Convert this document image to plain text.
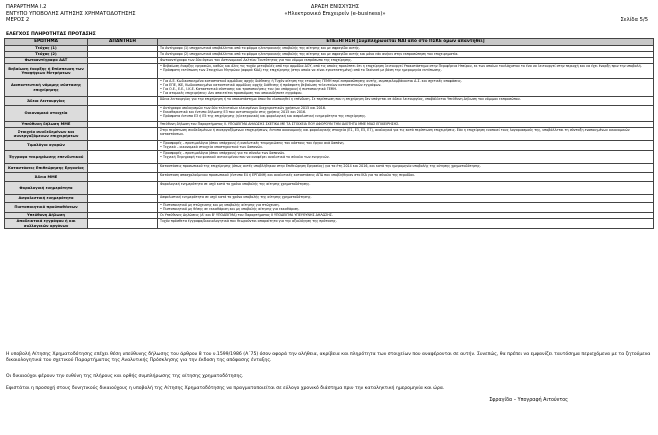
ΠΑΡΑΡΤΗΜΑ Ι.2
ΕΝΤΥΠΟ ΥΠΟΒΟΛΗΣ ΑΙΤΗΣΗΣ ΧΡΗΜΑΤΟΔΟΤΗΣΗΣ
ΜΕΡΟΣ 2
ΔΡΑΣΗ ΕΝΙΣΧΥΣΗΣ
«Ηλεκτρονικό Επιχειρείν (e-business)»
Σελίδα 5/5
ΕΛΕΓΧΟΣ ΠΛΗΡΟΤΗΤΑΣ ΠΡΟΤΑΣΗΣ
ΕΡΩΤΗΜΑ	ΑΠΑΝΤΗΣΗ	ΕΠΕΞΗΓΗΣΗ [Συμπληρώνεται ΝΑΙ από στο ΠΣΚΕ όμων απαντηθεί]
Τεύχος (1)		Το Αντίγραφο (1) υποχρεωτικά υποβάλλεται από το φόρμα ηλεκτρονικής υποβολής της αίτησης και με σφραγίδα αυτής.
Τεύχος (2)		Το Αντίγραφο (2) υποχρεωτικά υποβάλλεται από το φόρμα ηλεκτρονικής υποβολής της αίτησης και με σφραγίδα αυτής και μόνο εάν ανήκει στην εκπροσώπηση του επιχειρηματία.
Φωτοαντίγραφο ΑΔΤ		Φωτοαντίγραφο των δύο όψεων του Αστυνομικού Δελτίου Ταυτότητας για τον νόμιμο εκπρόσωπο της επιχείρησης.
Βεβαίωση έναρξης ή Επίσπευση των Υποψήφιων Μετρήσεων		• Βεβαίωση έναρξης εργασιών, καθώς και όλες τις τυχόν μεταβολές από την αρμόδια ΔΟΥ, από τις οποίες προκύπτει ότι η επιχείρηση λειτουργεί Υποκατάστημα στην Περιφέρεια Ηπείρου, εκ των οποίων τουλάχιστον το ένα να λειτουργεί στην περιοχή και να έχει έναρξη πριν την υποβολή.
• Πρόσφατη εκτύπωση των Στοιχείων Μητρώου (αφορά ΚΑΔ) της επιχείρησης (στην οποία να είναι εγκατεστημένη) από το Taxisnet με βάση την ημερομηνία εκτύπωσης.
Διαπιστευτική νόμιμης σύστασης επιχείρησης		• Για Α.Ε. Κωδικοποιημένο καταστατικό αρμόδιας αρχής διάθεσης ή Τυχόν αίτηση της εταιρείας ΓΕΜΗ περί εκπροσώπησης αυτής, συμπεριλαμβάνονται Δ.Σ. και σχετικές αποφάσεις.
• Για ΕΠΕ, ΙΚΕ, Κωδικοποιημένο καταστατικό αρμόδιας αρχής διάθεσης ή πρόσφατη βεβαίωση τελευταίων καταστατικών εγγράφων.
• Για Ο.Ε., Ε.Ε., Ι.Κ.Ε. Καταστατικό σύστασης και τροποποιήσεις του (αν υπάρχουν) ή πιστοποιητικό ΓΕΜΗ.
• Για ατομικές επιχειρήσεις: Δεν απαιτείται προσκόμιση του οποιουδήποτε εγγράφου.
Άδεια Λειτουργίας		Άδεια λειτουργίας για την επιχείρηση ή το υποκατάστημα όπου θα υλοποιηθεί η επένδυση. Σε περίπτωση που η επιχείρηση δεν υπάγεται σε άδεια λειτουργίας, υποβάλλεται Υπεύθυνη Δήλωση του νόμιμου εκπροσώπου.
Οικονομικά στοιχεία		• Αντίγραφα ισολογισμών των δύο τελευταίων κλεισμένων διαχειριστικών χρήσεων 2015 και 2016.
• Εκκαθαριστικό και έντυπο δήλωσης Ε3 που αντιστοιχούν στις χρήσεις 2015 και 2016.
• Πρόσφατα έντυπα Ε3 ή Ε5 της επιχείρησης (ηλεκτρονικά) και φορολογική και ασφαλιστική ενημερότητα της επιχείρησης.
Υπεύθυνη δήλωση ΜΜΕ		Υπεύθυνη δήλωση του Παραρτήματος V. ΥΠΟΔΕΙΓΜΑ ΔΗΛΩΣΗΣ ΣΧΕΤΙΚΑ ΜΕ ΤΑ ΣΤΟΙΧΕΙΑ ΠΟΥ ΑΦΟΡΟΥΝ ΤΗΝ ΙΔΙΟΤΗΤΑ ΜΜΕ ΜΙΑΣ ΕΠΙΧΕΙΡΗΣΗΣ.
Στοιχεία συνδεδεμένων και συνεργαζόμενων επιχειρήσεων		Στην περίπτωση συνδεδεμένων ή συνεργαζόμενων επιχειρήσεων, έντυπα οικονομικής και φορολογικής στοιχεία (Ε1, Ε3, Ε5, Ε7), αναλογικά για τις κατά περίπτωση επιχειρήσεις. Εάν η επιχείρηση ενοποιεί τους λογαριασμούς της, υποβάλλεται τη σύνταξη ενοποιημένων οικονομικών καταστάσεων.
Τιμολόγια αγορών		• Προσφορές – προτιμολόγια (όπου υπάρχουν) ή αναλυτικές τεκμηριώσεις του κόστους του έργου ανά δαπάνη.
• Τεχνικά – οικονομικά στοιχεία υποστηρικτικά των δαπανών.
Έγγραφα τεκμηρίωσης επενδυτικού		• Προσφορές – προτιμολόγια (όπου υπάρχουν) για το σύνολο των δαπανών.
• Τεχνική Περιγραφή του φυσικού αντικειμένου που να αναφέρει αναλυτικά το σύνολο των ενεργειών.
Καταστάσεις Επιθεώρησης Εργασίας		Καταστάσεις προσωπικού της επιχείρησης (όπως αυτές υποβλήθηκαν στην Επιθεώρηση Εργασίας) για τα έτη 2014 και 2016, και κατά την ημερομηνία υποβολής της αίτησης χρηματοδότησης.
Άδεια ΜΜΕ		Κατάσταση απασχολούμενου προσωπικού (έντυπο Ε4 ή ΕΡΓΑΝΗ) και αναλυτικές καταστάσεις ΑΠΔ που υποβλήθηκαν στο ΙΚΑ για το σύνολο της περιόδου.
Φορολογική ενημερότητα		Φορολογική ενημερότητα σε ισχύ κατά το χρόνο υποβολής της αίτησης χρηματοδότησης.
Ασφαλιστική ενημερότητα		Ασφαλιστική ενημερότητα σε ισχύ κατά το χρόνο υποβολής της αίτησης χρηματοδότησης.
Πιστοποιητικό προϋποθέσεων		• Πιστοποιητικό μη πτώχευσης και μη υποβολής αίτησης για πτώχευση.
• Πιστοποιητικό μη θέσης σε εκκαθάριση και μη υποβολής αίτησης για εκκαθάριση.
Υπεύθυνη Δήλωση		Οι Υπεύθυνες Δηλώσεις (Α' και Β' ΥΠΟΔΕΙΓΜΑ) του Παραρτήματος ΙΙ ΥΠΟΔΕΙΓΜΑ ΥΠΕΥΘΥΝΗΣ ΔΗΛΩΣΗΣ.
Αποδεικτικά εγγράφου ή και συλλογικών οργάνων		Τυχόν πρόσθετα έγγραφα/δικαιολογητικά που θεωρούνται απαραίτητα για την αξιολόγηση της πρότασης.
Η υποβολή Αίτησης Χρηματοδότησης επέχει θέση υπεύθυνης δήλωσης του άρθρου 8 του ν.1599/1986 (Α΄75) όσον αφορά την αλήθεια, ακρίβεια και πληρότητα των στοιχείων που αναφέρονται σε αυτήν. Συνεπώς, θα πρέπει να εμφανίζει ταυτόσημα περιεχόμενα με τα ζητούμενα δικαιολογητικά του σχετικού Παραρτήματος της Αναλυτικής Πρόσκλησης για την έκδοση της απόφασης ένταξης.
Οι δικαιούχοι φέρουν την ευθύνη της πλήρους και ορθής συμπλήρωσης της αίτησης χρηματοδότησης.
Εφιστάται η προσοχή στους δυνητικούς δικαιούχους η υποβολή της Αίτησης Χρηματοδότησης να πραγματοποιείται σε εύλογο χρονικό διάστημα πριν την καταληκτική ημερομηνία και ώρα.
Σφραγίδα – Υπογραφή Αιτούντος
